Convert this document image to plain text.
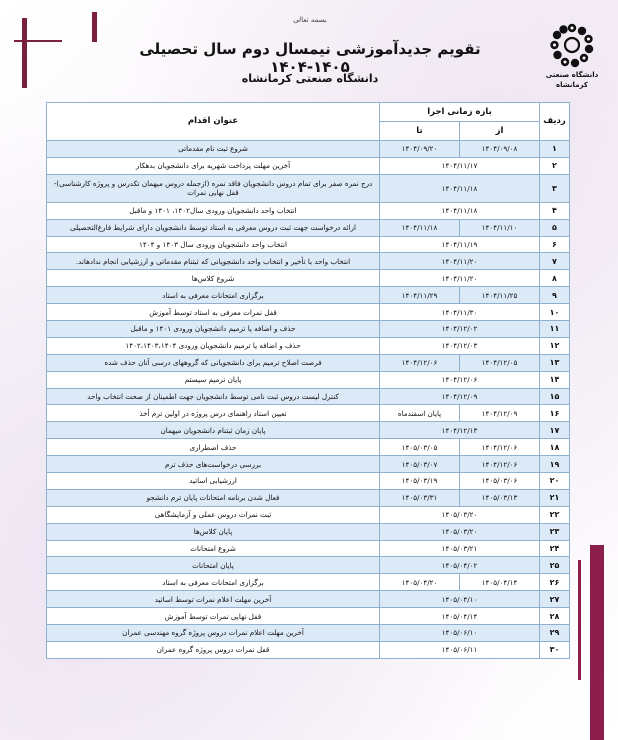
دانشگاه صنعتی
کرمانشاه
بسمه تعالی
تقویم جدیدآموزشی نیمسال دوم سال تحصیلی ۱۴۰۵-۱۴۰۴
دانشگاه صنعتی کرمانشاه
ردیف	بازه زمانی اجرا		عنوان اقدام
	از	تا	
۱	۱۴۰۴/۰۹/۰۸	۱۴۰۴/۰۹/۲۰	شروع ثبت نام مقدماتی
۲	۱۴۰۴/۱۱/۱۷		آخرین مهلت پرداخت شهریه برای دانشجویان بدهکار
۳	۱۴۰۴/۱۱/۱۸		درج نمره صفر برای تمام دروس دانشجویان فاقد نمره (ازجمله دروس میهمان تکدرس و پروژه کارشناسی)-قفل نهایی نمرات
۴	۱۴۰۴/۱۱/۱۸		انتخاب واحد دانشجویان ورودی سال۱۴۰۲، ۱۴۰۱ و ماقبل
۵	۱۴۰۴/۱۱/۱۰	۱۴۰۴/۱۱/۱۸	ارائه درخواست جهت ثبت دروس معرفی به استاد توسط دانشجویان دارای شرایط فارغ‌التحصیلی
۶	۱۴۰۴/۱۱/۱۹		انتخاب واحد دانشجویان ورودی سال ۱۴۰۳ و ۱۴۰۴
۷	۱۴۰۴/۱۱/۲۰		انتخاب واحد با تأخیر و انتخاب واحد دانشجویانی که ثبتنام مقدماتی و ارزشیابی انجام ندادهاند.
۸	۱۴۰۴/۱۱/۲۰		شروع کلاس‌ها
۹	۱۴۰۴/۱۱/۲۵	۱۴۰۴/۱۱/۲۹	برگزاری امتحانات معرفی به استاد
۱۰	۱۴۰۴/۱۱/۳۰		قفل نمرات معرفی به استاد توسط آموزش
۱۱	۱۴۰۴/۱۲/۰۲		حذف و اضافه یا ترمیم دانشجویان ورودی ۱۴۰۱ و ماقبل
۱۲	۱۴۰۴/۱۲/۰۳		حذف و اضافه یا ترمیم دانشجویان ورودی ۱۴۰۲،۱۴۰۳،۱۴۰۴
۱۳	۱۴۰۴/۱۲/۰۵	۱۴۰۴/۱۲/۰۶	فرصت اصلاح ترمیم برای دانشجویانی که گروههای درسی آنان حذف شده
۱۴	۱۴۰۴/۱۲/۰۶		پایان ترمیم سیستم
۱۵	۱۴۰۴/۱۲/۰۹		کنترل لیست دروس ثبت نامی توسط دانشجویان جهت اطمینان از صحت انتخاب واحد
۱۶	۱۴۰۴/۱۲/۰۹	پایان اسفندماه	تعیین استاد راهنمای درس پروژه در اولین ترم أخذ
۱۷	۱۴۰۴/۱۲/۱۳		پایان زمان ثبتنام دانشجویان میهمان
۱۸	۱۴۰۴/۱۲/۰۶	۱۴۰۵/۰۳/۰۵	حذف اضطراری
۱۹	۱۴۰۴/۱۲/۰۶	۱۴۰۵/۰۳/۰۷	بررسی درخواست‌های حذف ترم
۲۰	۱۴۰۵/۰۳/۰۶	۱۴۰۵/۰۳/۱۹	ارزشیابی اساتید
۲۱	۱۴۰۵/۰۳/۱۳	۱۴۰۵/۰۳/۳۱	فعال شدن برنامه امتحانات پایان ترم دانشجو
۲۲	۱۴۰۵/۰۳/۲۰		ثبت نمرات دروس عملی و آزمایشگاهی
۲۳	۱۴۰۵/۰۳/۲۰		پایان کلاس‌ها
۲۴	۱۴۰۵/۰۳/۲۱		شروع امتحانات
۲۵	۱۴۰۵/۰۴/۰۲		پایان امتحانات
۲۶	۱۴۰۵/۰۴/۱۴	۱۴۰۵/۰۴/۲۰	برگزاری امتحانات معرفی به استاد
۲۷	۱۴۰۵/۰۴/۱۰		آخرین مهلت اعلام نمرات توسط اساتید
۲۸	۱۴۰۵/۰۴/۱۴		قفل نهایی نمرات توسط آموزش
۲۹	۱۴۰۵/۰۶/۱۰		آخرین مهلت اعلام نمرات دروس پروژه گروه مهندسی عمران
۳۰	۱۴۰۵/۰۶/۱۱		قفل نمرات دروس پروژه گروه عمران
